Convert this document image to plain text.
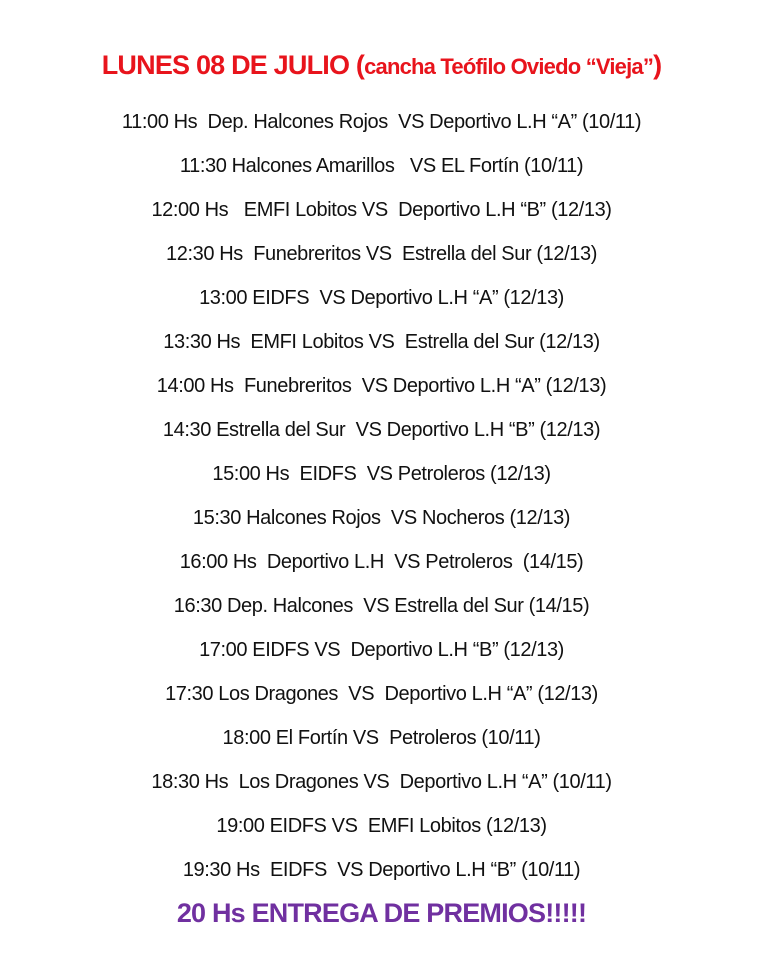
LUNES 08 DE JULIO (cancha Teófilo Oviedo “Vieja”)
11:00 Hs  Dep. Halcones Rojos  VS Deportivo L.H “A” (10/11)
11:30 Halcones Amarillos   VS EL Fortín (10/11)
12:00 Hs   EMFI Lobitos VS  Deportivo L.H “B” (12/13)
12:30 Hs  Funebreritos VS  Estrella del Sur (12/13)
13:00 EIDFS  VS Deportivo L.H “A” (12/13)
13:30 Hs  EMFI Lobitos VS  Estrella del Sur (12/13)
14:00 Hs  Funebreritos  VS Deportivo L.H “A” (12/13)
14:30 Estrella del Sur  VS Deportivo L.H “B” (12/13)
15:00 Hs  EIDFS  VS Petroleros (12/13)
15:30 Halcones Rojos  VS Nocheros (12/13)
16:00 Hs  Deportivo L.H  VS Petroleros  (14/15)
16:30 Dep. Halcones  VS Estrella del Sur (14/15)
17:00 EIDFS VS  Deportivo L.H “B” (12/13)
17:30 Los Dragones  VS  Deportivo L.H “A” (12/13)
18:00 El Fortín VS  Petroleros (10/11)
18:30 Hs  Los Dragones VS  Deportivo L.H “A” (10/11)
19:00 EIDFS VS  EMFI Lobitos (12/13)
19:30 Hs  EIDFS  VS Deportivo L.H “B” (10/11)
20 Hs ENTREGA DE PREMIOS!!!!!
